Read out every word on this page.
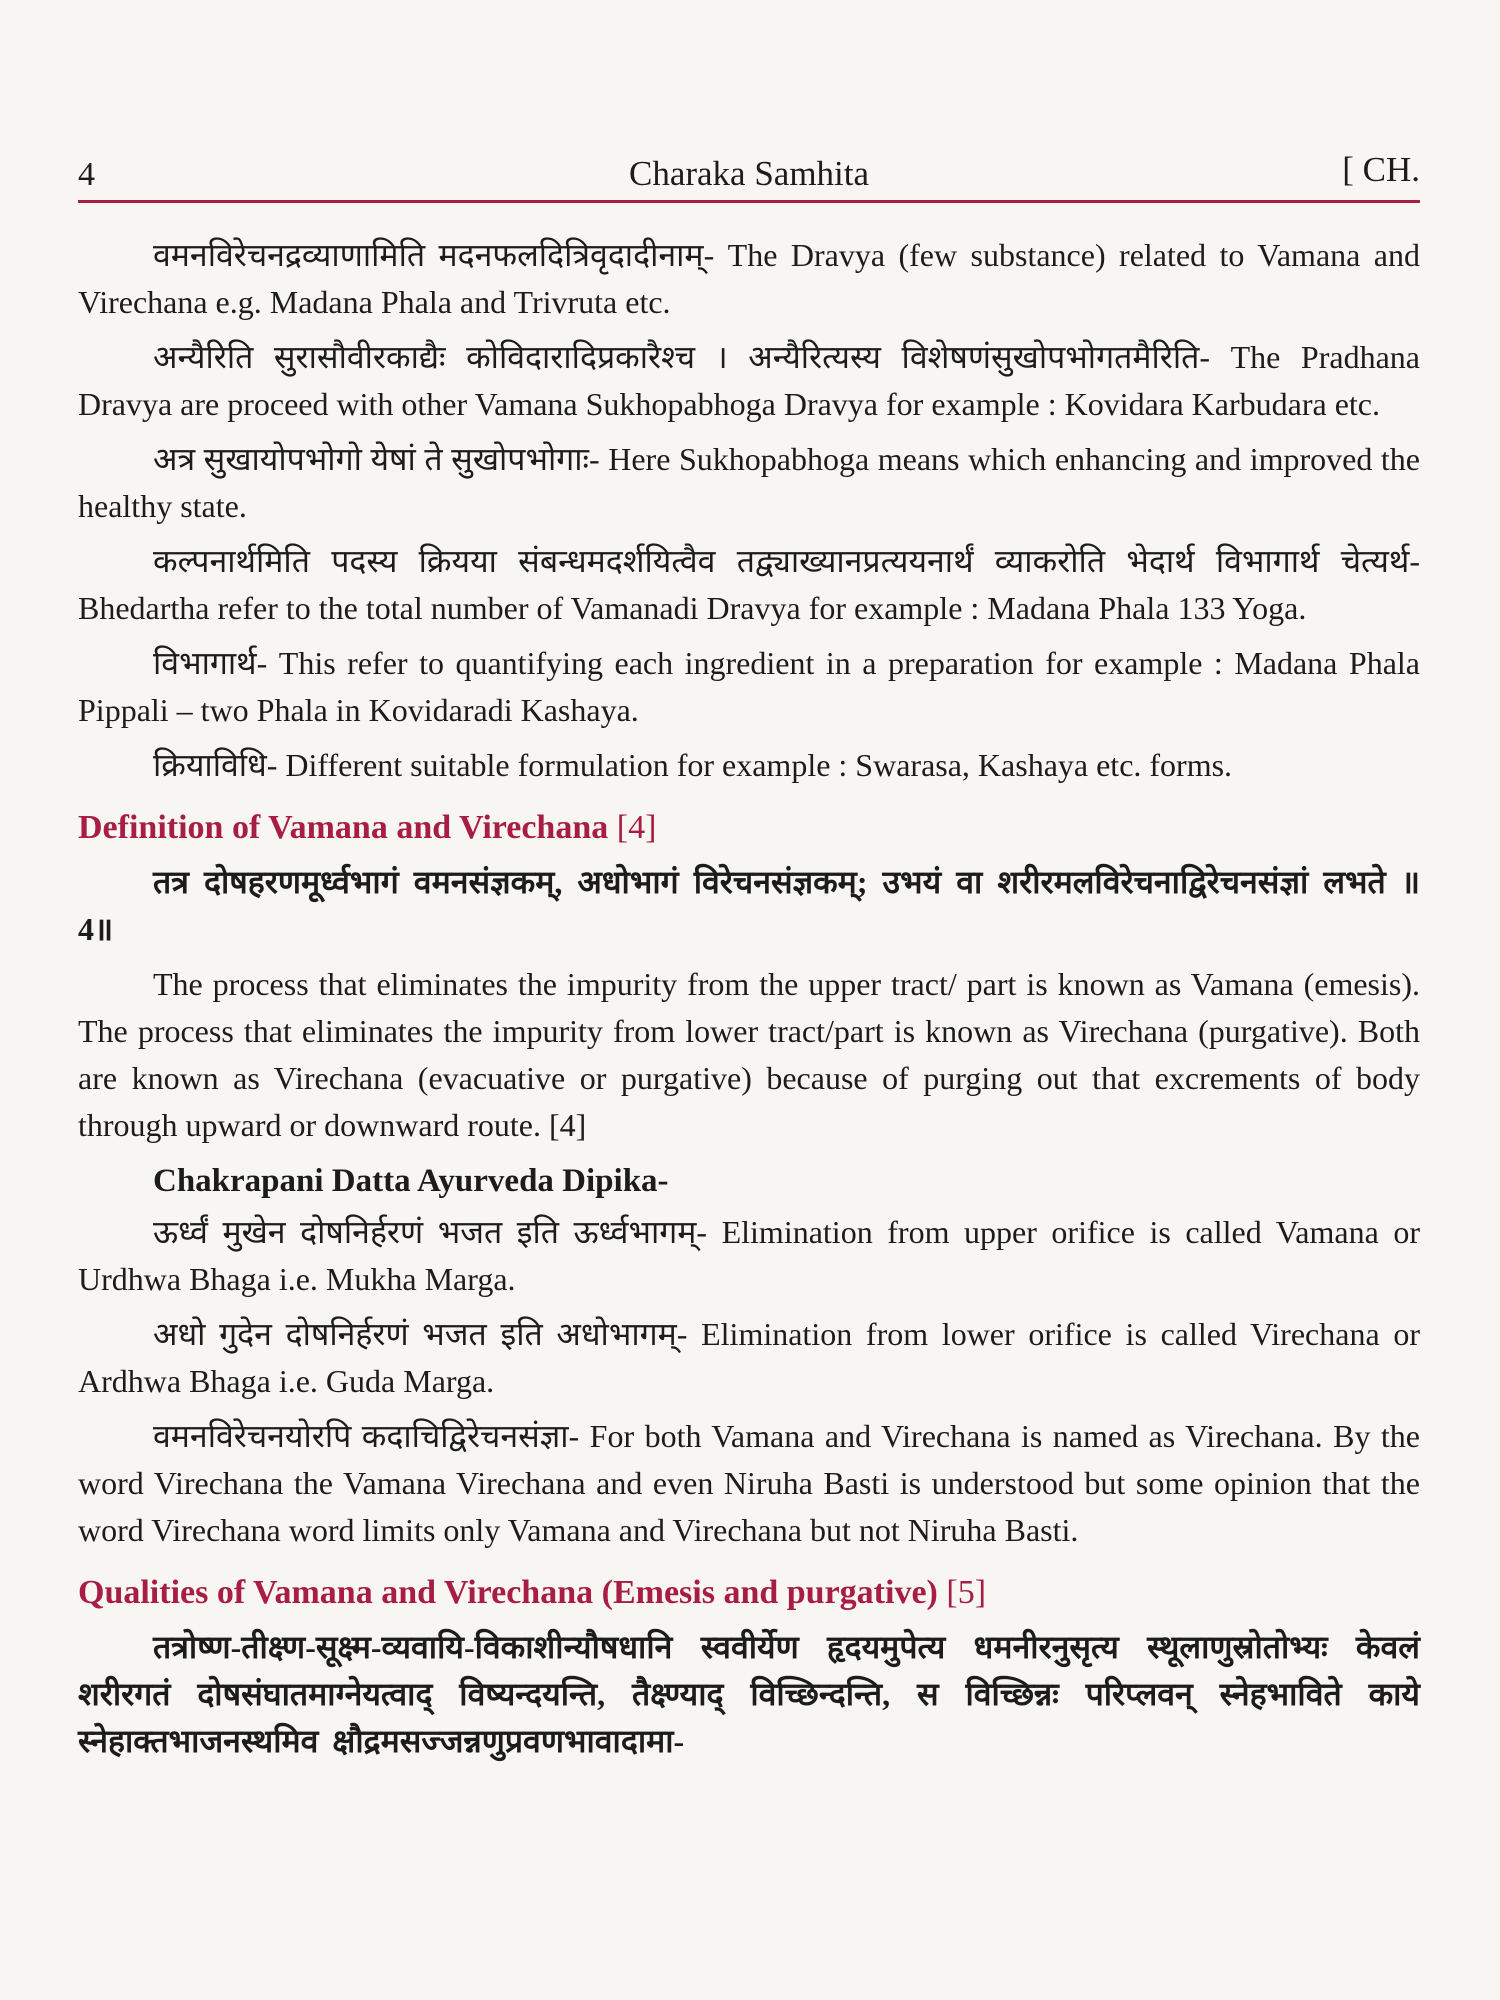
4	Charaka Samhita	[ CH.

वमनविरेचनद्रव्याणामिति मदनफलदित्रिवृदादीनाम्- The Dravya (few substance) related to Vamana and Virechana e.g. Madana Phala and Trivruta etc.

अन्यैरिति सुरासौवीरकाद्यैः कोविदारादिप्रकारैश्च । अन्यैरित्यस्य विशेषणंसुखोपभोगतमैरिति- The Pradhana Dravya are proceed with other Vamana Sukhopabhoga Dravya for example : Kovidara Karbudara etc.

अत्र सुखायोपभोगो येषां ते सुखोपभोगाः- Here Sukhopabhoga means which enhancing and improved the healthy state.

कल्पनार्थमिति पदस्य क्रियया संबन्धमदर्शयित्वैव तद्व्याख्यानप्रत्ययनार्थं व्याकरोति भेदार्थ विभागार्थ चेत्यर्थ- Bhedartha refer to the total number of Vamanadi Dravya for example : Madana Phala 133 Yoga.

विभागार्थ- This refer to quantifying each ingredient in a preparation for example : Madana Phala Pippali – two Phala in Kovidaradi Kashaya.

क्रियाविधि- Different suitable formulation for example : Swarasa, Kashaya etc. forms.

Definition of Vamana and Virechana [4]

तत्र दोषहरणमूर्ध्वभागं वमनसंज्ञकम्, अधोभागं विरेचनसंज्ञकम्; उभयं वा शरीरमलविरेचनाद्विरेचनसंज्ञां लभते ॥4॥

The process that eliminates the impurity from the upper tract/ part is known as Vamana (emesis). The process that eliminates the impurity from lower tract/part is known as Virechana (purgative). Both are known as Virechana (evacuative or purgative) because of purging out that excrements of body through upward or downward route. [4]

Chakrapani Datta Ayurveda Dipika-

ऊर्ध्वं मुखेन दोषनिर्हरणं भजत इति ऊर्ध्वभागम्- Elimination from upper orifice is called Vamana or Urdhwa Bhaga i.e. Mukha Marga.

अधो गुदेन दोषनिर्हरणं भजत इति अधोभागम्- Elimination from lower orifice is called Virechana or Ardhwa Bhaga i.e. Guda Marga.

वमनविरेचनयोरपि कदाचिद्विरेचनसंज्ञा- For both Vamana and Virechana is named as Virechana. By the word Virechana the Vamana Virechana and even Niruha Basti is understood but some opinion that the word Virechana word limits only Vamana and Virechana but not Niruha Basti.

Qualities of Vamana and Virechana (Emesis and purgative) [5]

तत्रोष्ण-तीक्ष्ण-सूक्ष्म-व्यवायि-विकाशीन्यौषधानि स्ववीर्येण हृदयमुपेत्य धमनीरनुसृत्य स्थूलाणुस्रोतोभ्यः केवलं शरीरगतं दोषसंघातमाग्नेयत्वाद् विष्यन्दयन्ति, तैक्ष्ण्याद् विच्छिन्दन्ति, स विच्छिन्नः परिप्लवन् स्नेहभाविते काये स्नेहाक्तभाजनस्थमिव क्षौद्रमसज्जन्नणुप्रवणभावादामा-
